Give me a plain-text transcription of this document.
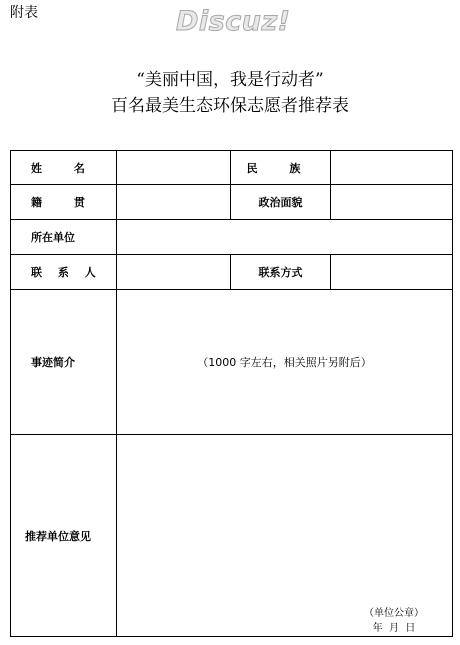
附表	Discuz!
“美丽中国，我是行动者”
百名最美生态环保志愿者推荐表
姓 名		民 族	
籍 贯		政治面貌	
所在单位			
联 系 人		联系方式	
事迹简介	（1000 字左右，相关照片另附后）		
推荐单位意见	（单位公章）
年  月  日		
